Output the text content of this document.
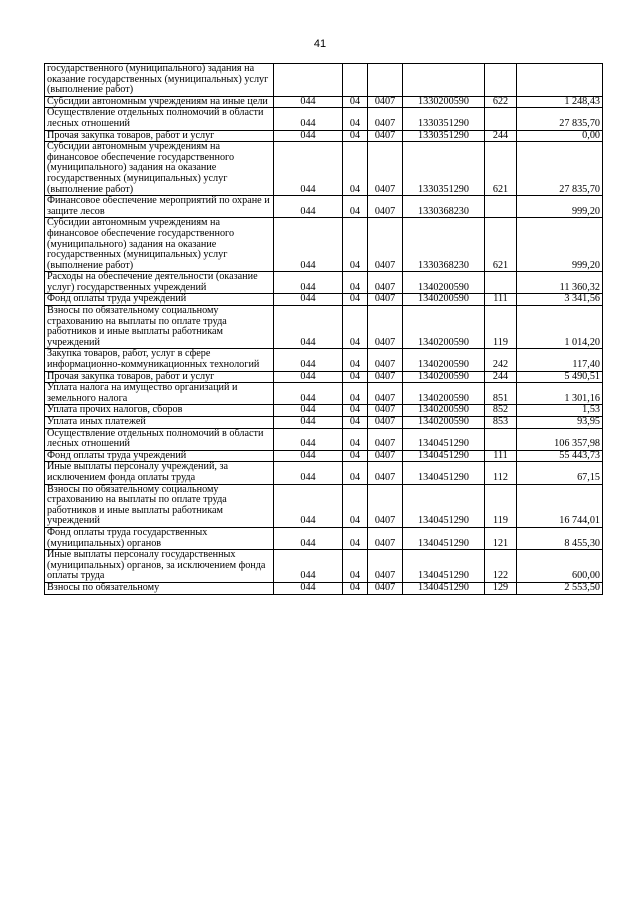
41
государственного (муниципального) задания на оказание государственных (муниципальных) услуг (выполнение работ)						
Субсидии автономным учреждениям на иные цели	044	04	0407	1330200590	622	1 248,43
Осуществление отдельных полномочий в области лесных отношений	044	04	0407	1330351290		27 835,70
Прочая закупка товаров, работ и услуг	044	04	0407	1330351290	244	0,00
Субсидии автономным учреждениям на финансовое обеспечение государственного (муниципального) задания на оказание государственных (муниципальных) услуг (выполнение работ)	044	04	0407	1330351290	621	27 835,70
Финансовое обеспечение мероприятий по охране и защите лесов	044	04	0407	1330368230		999,20
Субсидии автономным учреждениям на финансовое обеспечение государственного (муниципального) задания на оказание государственных (муниципальных) услуг (выполнение работ)	044	04	0407	1330368230	621	999,20
Расходы на обеспечение деятельности (оказание услуг) государственных учреждений	044	04	0407	1340200590		11 360,32
Фонд оплаты труда учреждений	044	04	0407	1340200590	111	3 341,56
Взносы по обязательному социальному страхованию на выплаты по оплате труда работников и иные выплаты работникам учреждений	044	04	0407	1340200590	119	1 014,20
Закупка товаров, работ, услуг в сфере информационно-коммуникационных технологий	044	04	0407	1340200590	242	117,40
Прочая закупка товаров, работ и услуг	044	04	0407	1340200590	244	5 490,51
Уплата налога на имущество организаций и земельного налога	044	04	0407	1340200590	851	1 301,16
Уплата прочих налогов, сборов	044	04	0407	1340200590	852	1,53
Уплата иных платежей	044	04	0407	1340200590	853	93,95
Осуществление отдельных полномочий в области лесных отношений	044	04	0407	1340451290		106 357,98
Фонд оплаты труда учреждений	044	04	0407	1340451290	111	55 443,73
Иные выплаты персоналу учреждений, за исключением фонда оплаты труда	044	04	0407	1340451290	112	67,15
Взносы по обязательному социальному страхованию на выплаты по оплате труда работников и иные выплаты работникам учреждений	044	04	0407	1340451290	119	16 744,01
Фонд оплаты труда государственных (муниципальных) органов	044	04	0407	1340451290	121	8 455,30
Иные выплаты персоналу государственных (муниципальных) органов, за исключением фонда оплаты труда	044	04	0407	1340451290	122	600,00
Взносы по обязательному	044	04	0407	1340451290	129	2 553,50
